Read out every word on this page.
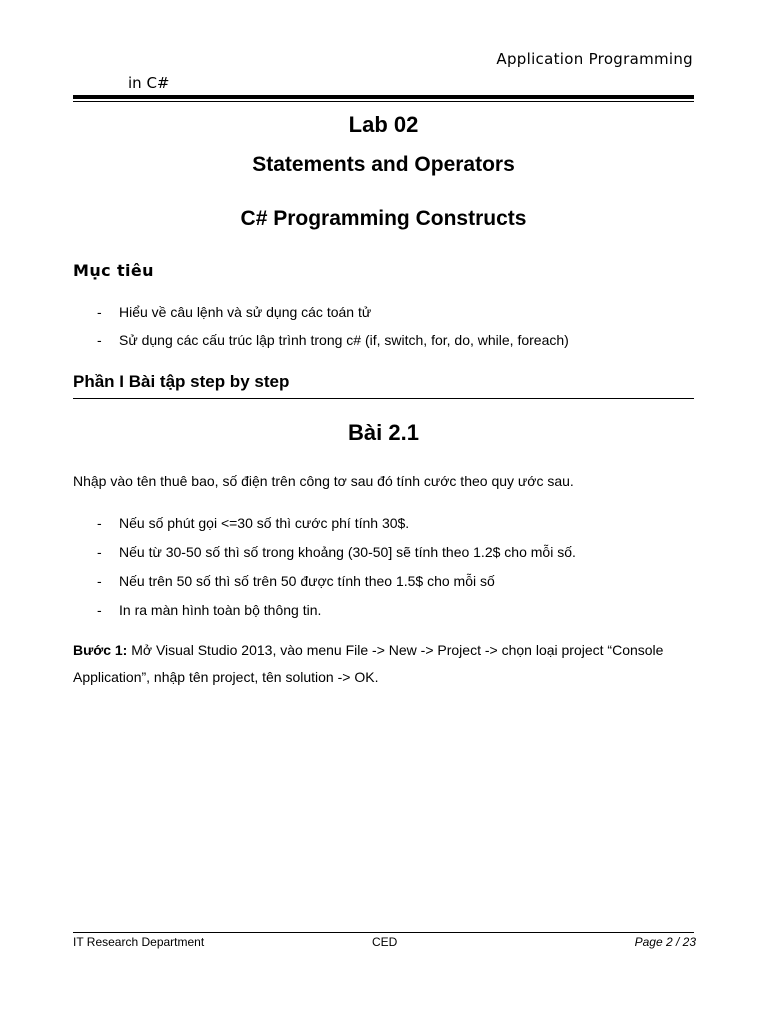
Application Programming
in C#
Lab 02
Statements and Operators
C# Programming Constructs
Mục tiêu
- Hiểu về câu lệnh và sử dụng các toán tử
- Sử dụng các cấu trúc lập trình trong c# (if, switch, for, do, while, foreach)
Phần I Bài tập step by step
Bài 2.1
Nhập vào tên thuê bao, số điện trên công tơ sau đó tính cước theo quy ước sau.
- Nếu số phút gọi <=30 số thì cước phí tính 30$.
- Nếu từ 30-50 số thì số trong khoảng (30-50] sẽ tính theo 1.2$ cho mỗi số.
- Nếu trên 50 số thì số trên 50 được tính theo 1.5$ cho mỗi số
- In ra màn hình toàn bộ thông tin.
Bước 1: Mở Visual Studio 2013, vào menu File -> New -> Project -> chọn loại project “Console Application”, nhập tên project, tên solution -> OK.
IT Research Department	CED	Page 2 / 23
